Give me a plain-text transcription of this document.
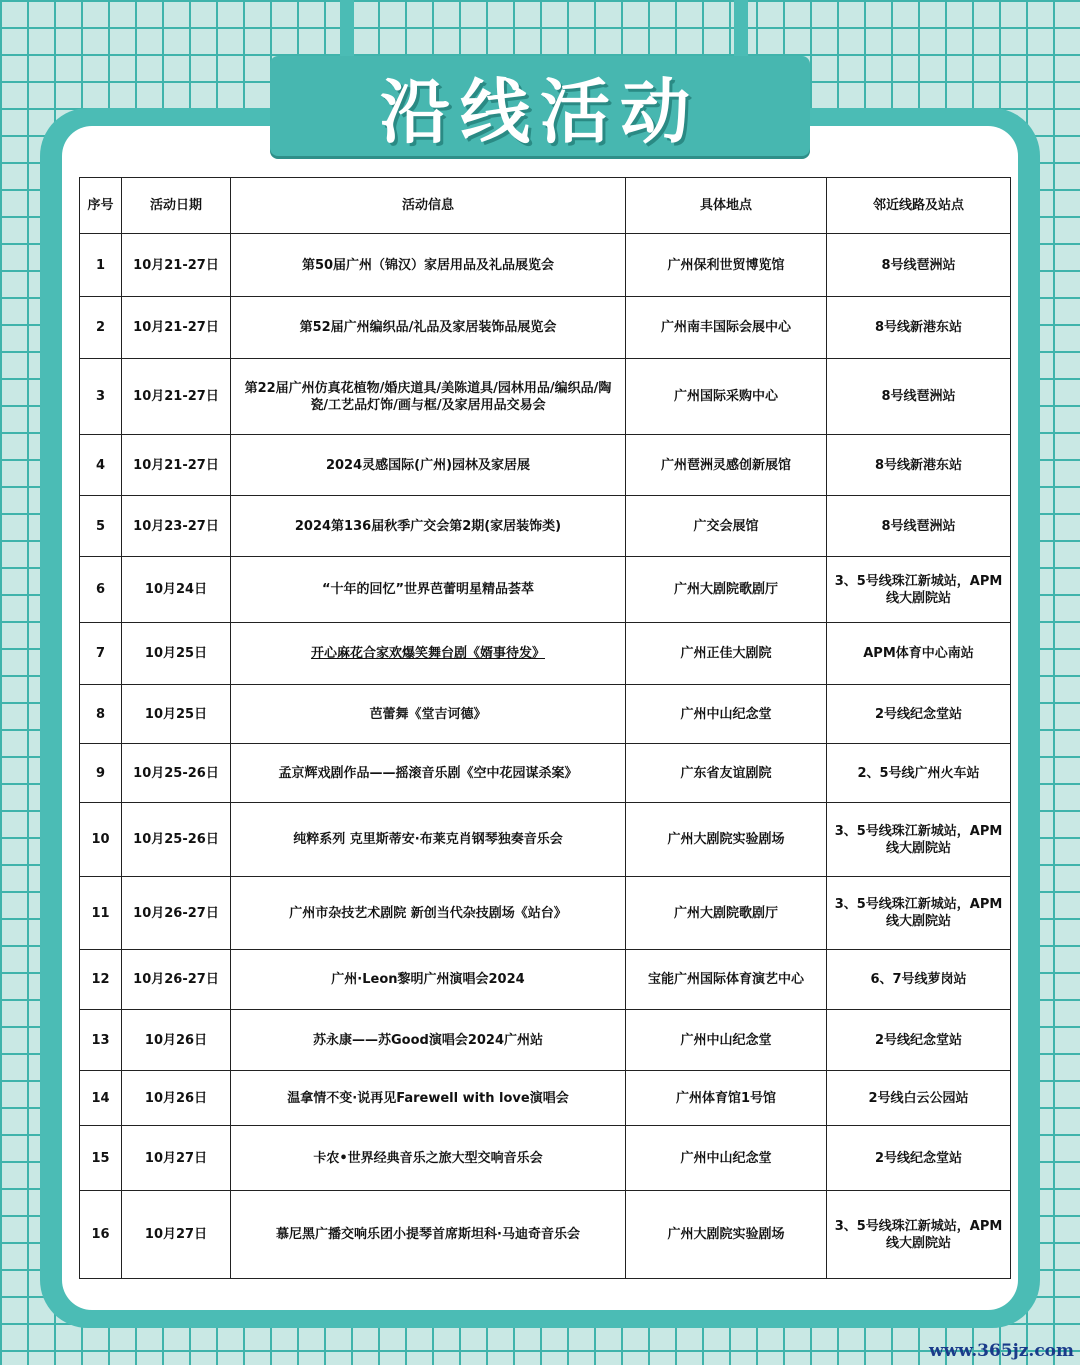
沿线活动
序号	活动日期	活动信息	具体地点	邻近线路及站点
1	10月21-27日	第50届广州（锦汉）家居用品及礼品展览会	广州保利世贸博览馆	8号线琶洲站
2	10月21-27日	第52届广州编织品/礼品及家居装饰品展览会	广州南丰国际会展中心	8号线新港东站
3	10月21-27日	第22届广州仿真花植物/婚庆道具/美陈道具/园林用品/编织品/陶瓷/工艺品灯饰/画与框/及家居用品交易会	广州国际采购中心	8号线琶洲站
4	10月21-27日	2024灵感国际(广州)园林及家居展	广州琶洲灵感创新展馆	8号线新港东站
5	10月23-27日	2024第136届秋季广交会第2期(家居装饰类)	广交会展馆	8号线琶洲站
6	10月24日	“十年的回忆”世界芭蕾明星精品荟萃	广州大剧院歌剧厅	3、5号线珠江新城站，APM线大剧院站
7	10月25日	开心麻花合家欢爆笑舞台剧《婿事待发》	广州正佳大剧院	APM体育中心南站
8	10月25日	芭蕾舞《堂吉诃德》	广州中山纪念堂	2号线纪念堂站
9	10月25-26日	孟京辉戏剧作品——摇滚音乐剧《空中花园谋杀案》	广东省友谊剧院	2、5号线广州火车站
10	10月25-26日	纯粹系列 克里斯蒂安·布莱克肖钢琴独奏音乐会	广州大剧院实验剧场	3、5号线珠江新城站，APM线大剧院站
11	10月26-27日	广州市杂技艺术剧院 新创当代杂技剧场《站台》	广州大剧院歌剧厅	3、5号线珠江新城站，APM线大剧院站
12	10月26-27日	广州·Leon黎明广州演唱会2024	宝能广州国际体育演艺中心	6、7号线萝岗站
13	10月26日	苏永康——苏Good演唱会2024广州站	广州中山纪念堂	2号线纪念堂站
14	10月26日	温拿情不变·说再见Farewell with love演唱会	广州体育馆1号馆	2号线白云公园站
15	10月27日	卡农•世界经典音乐之旅大型交响音乐会	广州中山纪念堂	2号线纪念堂站
16	10月27日	慕尼黑广播交响乐团小提琴首席斯坦科·马迪奇音乐会	广州大剧院实验剧场	3、5号线珠江新城站，APM线大剧院站
www.365jz.com
